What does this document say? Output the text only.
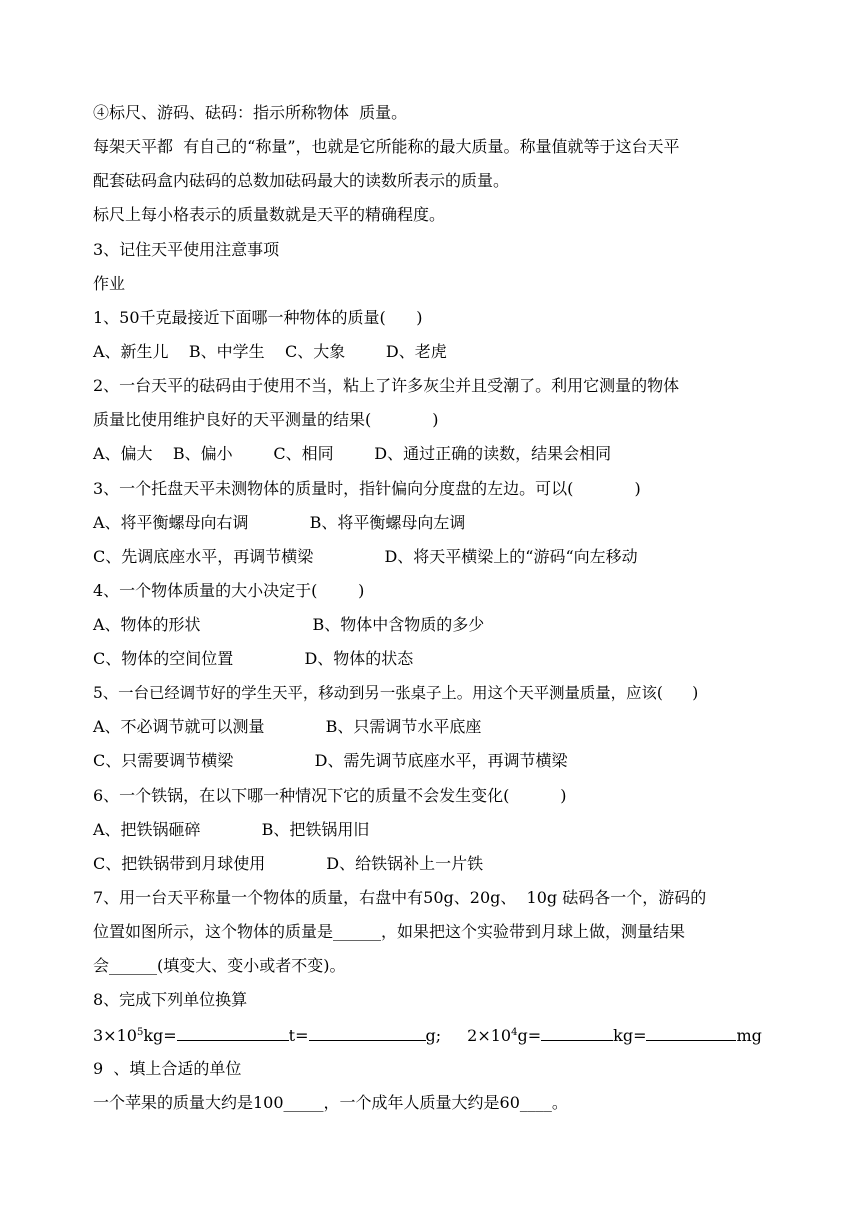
④标尺、游码、砝码：指示所称物体  质量。
每架天平都  有自己的“称量”，也就是它所能称的最大质量。称量值就等于这台天平
配套砝码盒内砝码的总数加砝码最大的读数所表示的质量。
标尺上每小格表示的质量数就是天平的精确程度。
3、记住天平使用注意事项
作业
1、50千克最接近下面哪一种物体的质量(      )
A、新生儿    B、中学生    C、大象        D、老虎
2、一台天平的砝码由于使用不当，粘上了许多灰尘并且受潮了。利用它测量的物体
质量比使用维护良好的天平测量的结果(            )
A、偏大    B、偏小        C、相同        D、通过正确的读数，结果会相同
3、一个托盘天平未测物体的质量时，指针偏向分度盘的左边。可以(            )
A、将平衡螺母向右调            B、将平衡螺母向左调
C、先调底座水平，再调节横梁              D、将天平横梁上的“游码“向左移动
4、一个物体质量的大小决定于(        )
A、物体的形状                      B、物体中含物质的多少
C、物体的空间位置              D、物体的状态
5、一台已经调节好的学生天平，移动到另一张桌子上。用这个天平测量质量，应该(      )
A、不必调节就可以测量            B、只需调节水平底座
C、只需要调节横梁                D、需先调节底座水平，再调节横梁
6、一个铁锅，在以下哪一种情况下它的质量不会发生变化(          )
A、把铁锅砸碎            B、把铁锅用旧
C、把铁锅带到月球使用            D、给铁锅补上一片铁
7、用一台天平称量一个物体的质量，右盘中有50g、20g、  10g 砝码各一个，游码的
位置如图所示，这个物体的质量是______，如果把这个实验带到月球上做，测量结果
会______(填变大、变小或者不变)。
8、完成下列单位换算
$3\times 10^5kg=$	t=	g; $2\times 10^4g=$	kg=	mg
9  、填上合适的单位
一个苹果的质量大约是100_____，一个成年人质量大约是60____。
